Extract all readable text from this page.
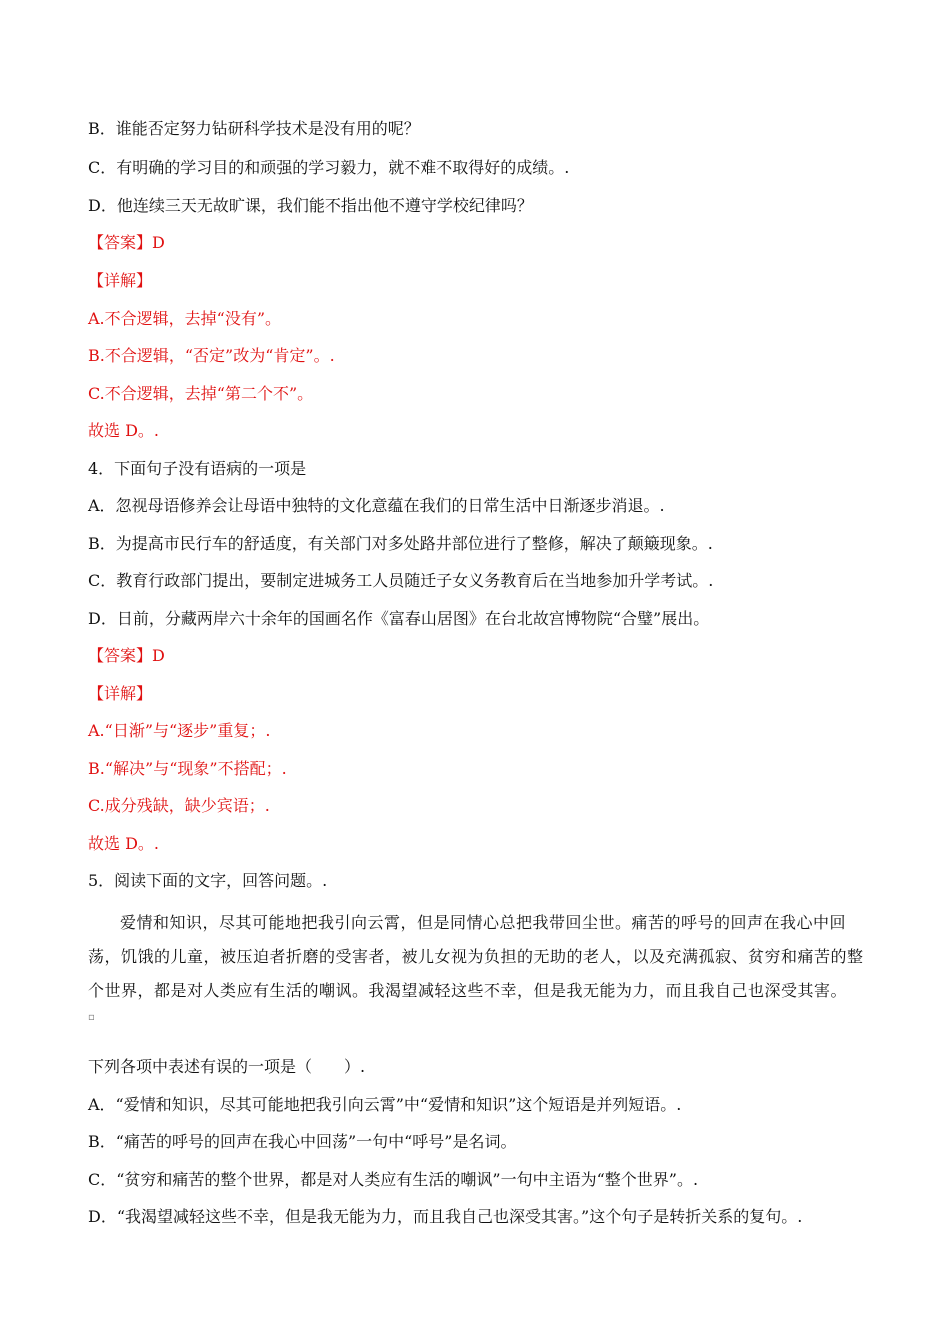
B．谁能否定努力钻研科学技术是没有用的呢？
C．有明确的学习目的和顽强的学习毅力，就不难不取得好的成绩。.
D．他连续三天无故旷课，我们能不指出他不遵守学校纪律吗？
【答案】D
【详解】
A.不合逻辑，去掉“没有”。
B.不合逻辑，“否定”改为“肯定”。.
C.不合逻辑，去掉“第二个不”。
故选 D。.
4．下面句子没有语病的一项是
A．忽视母语修养会让母语中独特的文化意蕴在我们的日常生活中日渐逐步消退。.
B．为提高市民行车的舒适度，有关部门对多处路井部位进行了整修，解决了颠簸现象。.
C．教育行政部门提出，要制定进城务工人员随迁子女义务教育后在当地参加升学考试。.
D．日前，分藏两岸六十余年的国画名作《富春山居图》在台北故宫博物院“合璧”展出。
【答案】D
【详解】
A.“日渐”与“逐步”重复；.
B.“解决”与“现象”不搭配；.
C.成分残缺，缺少宾语；.
故选 D。.
5．阅读下面的文字，回答问题。.
爱情和知识，尽其可能地把我引向云霄，但是同情心总把我带回尘世。痛苦的呼号的回声在我心中回荡，饥饿的儿童，被压迫者折磨的受害者，被儿女视为负担的无助的老人，以及充满孤寂、贫穷和痛苦的整个世界，都是对人类应有生活的嘲讽。我渴望减轻这些不幸，但是我无能为力，而且我自己也深受其害。
▫
下列各项中表述有误的一项是（　　）.
A．“爱情和知识，尽其可能地把我引向云霄”中“爱情和知识”这个短语是并列短语。.
B．“痛苦的呼号的回声在我心中回荡”一句中“呼号”是名词。
C．“贫穷和痛苦的整个世界，都是对人类应有生活的嘲讽”一句中主语为“整个世界”。.
D．“我渴望减轻这些不幸，但是我无能为力，而且我自己也深受其害。”这个句子是转折关系的复句。.
